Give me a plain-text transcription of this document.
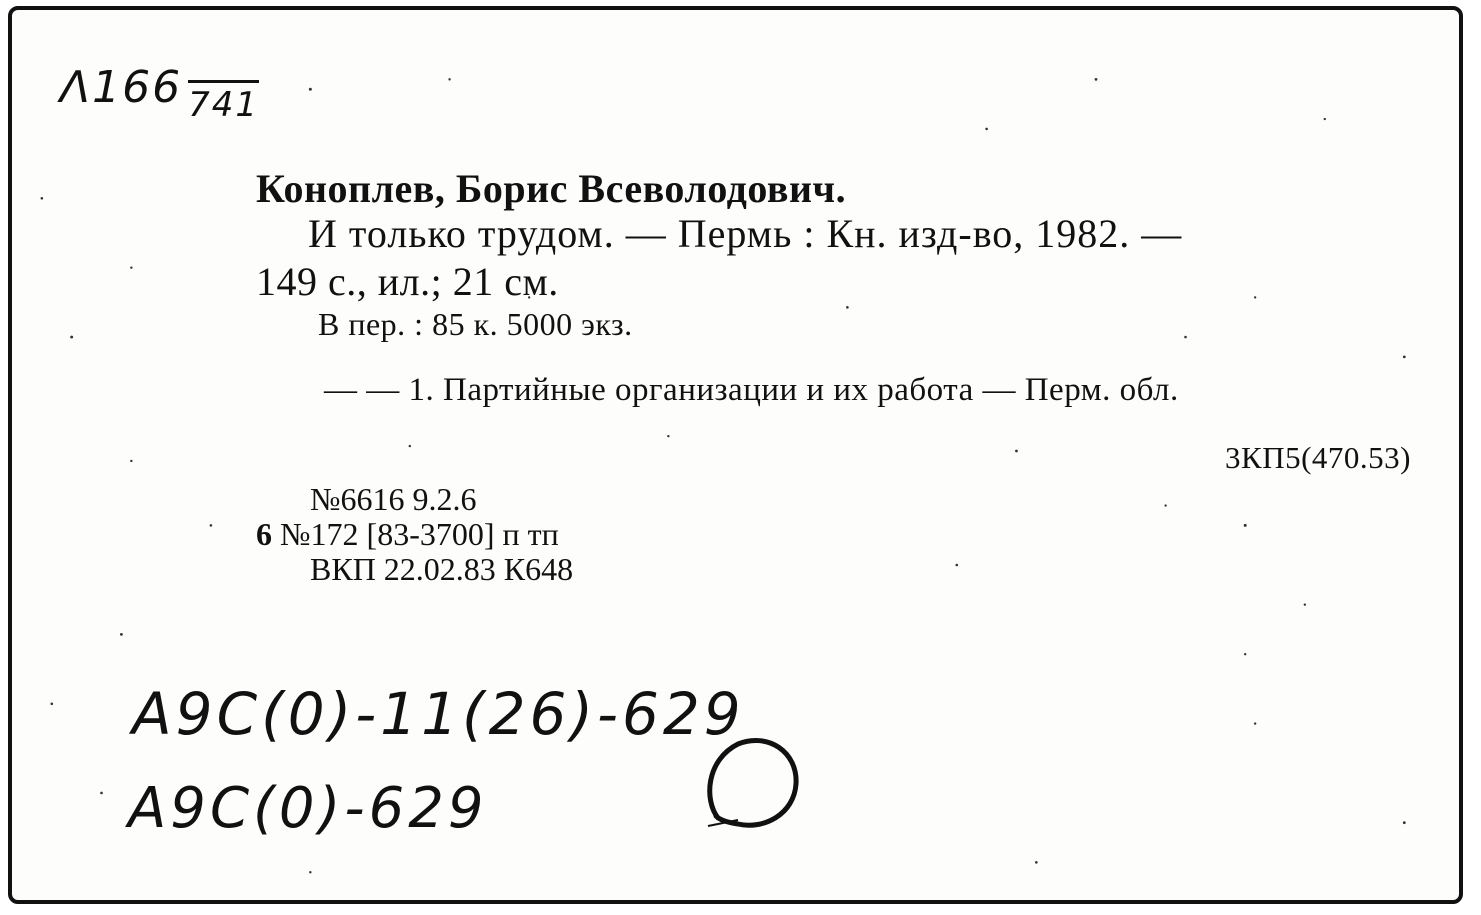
Λ166 741
Коноплев, Борис Всеволодович.
И только трудом. — Пермь : Кн. изд-во, 1982. —
149 с., ил.; 21 см.
В пер. : 85 к. 5000 экз.
— — 1. Партийные организации и их работа — Перм. обл.
3КП5(470.53)
№6616 9.2.6
6 №172 [83-3700] п тп
ВКП 22.02.83 К648
А9С(0)-11(26)-629
А9С(0)-629
